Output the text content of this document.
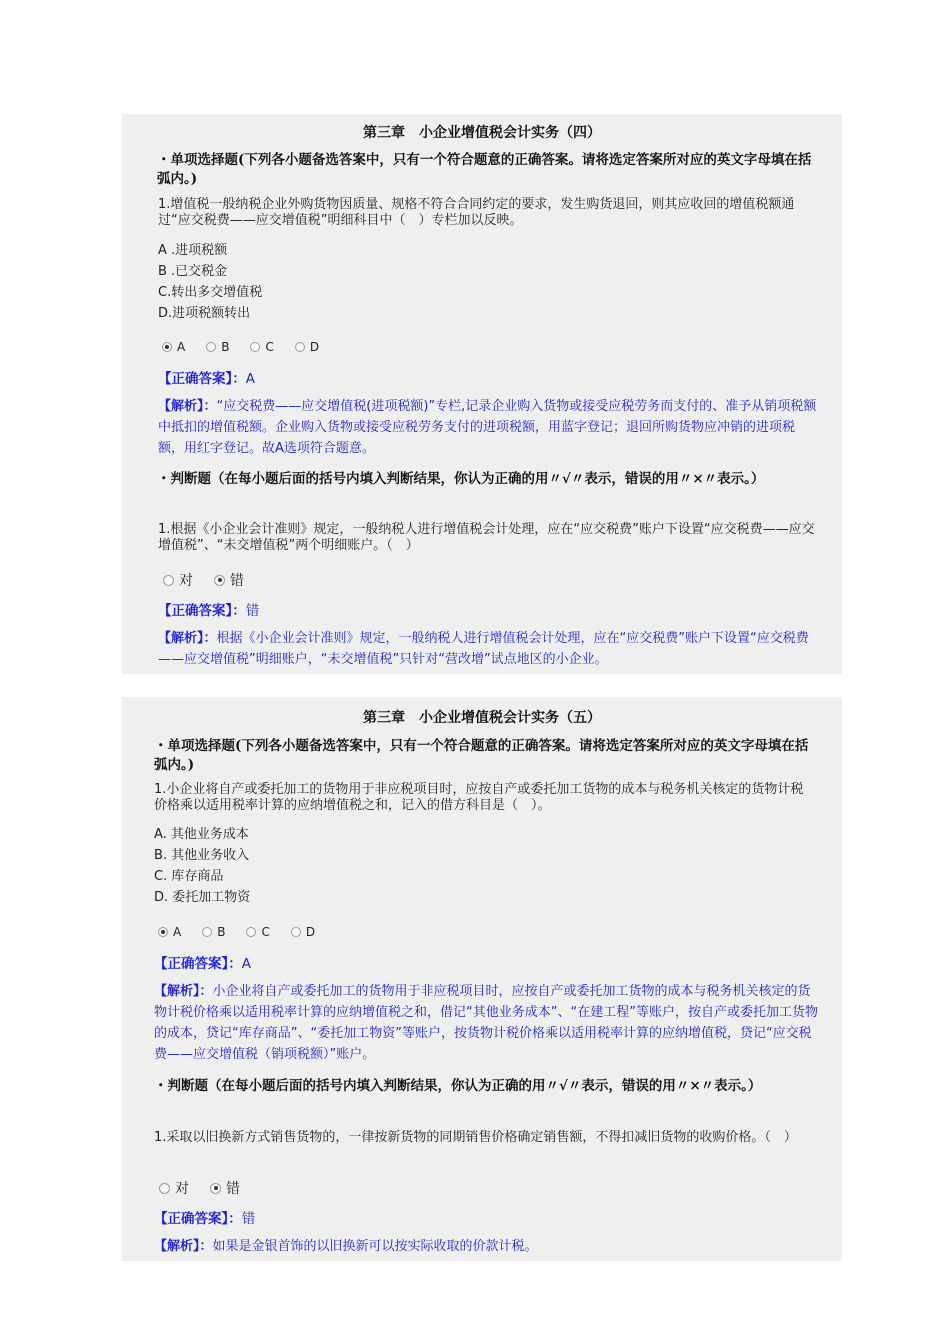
第三章　小企业增值税会计实务（四）
・单项选择题(下列各小题备选答案中，只有一个符合题意的正确答案。请将选定答案所对应的英文字母填在括弧内。)
1.增值税一般纳税企业外购货物因质量、规格不符合合同约定的要求，发生购货退回，则其应收回的增值税额通过“应交税费——应交增值税”明细科目中（　）专栏加以反映。
A .进项税额
B .已交税金
C.转出多交增值税
D.进项税额转出
A	B	C	D
【正确答案】：A
【解析】：“应交税费——应交增值税(进项税额)”专栏,记录企业购入货物或接受应税劳务而支付的、准予从销项税额中抵扣的增值税额。企业购入货物或接受应税劳务支付的进项税额，用蓝字登记；退回所购货物应冲销的进项税额，用红字登记。故A选项符合题意。
・判断题（在每小题后面的括号内填入判断结果，你认为正确的用〃√〃表示，错误的用〃×〃表示。）
1.根据《小企业会计准则》规定，一般纳税人进行增值税会计处理，应在“应交税费”账户下设置“应交税费——应交增值税”、“未交增值税”两个明细账户。（　）
对	错
【正确答案】：错
【解析】：根据《小企业会计准则》规定，一般纳税人进行增值税会计处理，应在“应交税费”账户下设置“应交税费——应交增值税”明细账户，“未交增值税”只针对“营改增”试点地区的小企业。
第三章　小企业增值税会计实务（五）
・单项选择题(下列各小题备选答案中，只有一个符合题意的正确答案。请将选定答案所对应的英文字母填在括弧内。)
1.小企业将自产或委托加工的货物用于非应税项目时，应按自产或委托加工货物的成本与税务机关核定的货物计税价格乘以适用税率计算的应纳增值税之和，记入的借方科目是（　）。
A. 其他业务成本
B. 其他业务收入
C. 库存商品
D. 委托加工物资
A	B	C	D
【正确答案】：A
【解析】：小企业将自产或委托加工的货物用于非应税项目时，应按自产或委托加工货物的成本与税务机关核定的货物计税价格乘以适用税率计算的应纳增值税之和，借记“其他业务成本”、“在建工程”等账户，按自产或委托加工货物的成本，贷记“库存商品”、“委托加工物资”等账户，按货物计税价格乘以适用税率计算的应纳增值税，贷记“应交税费——应交增值税（销项税额）”账户。
・判断题（在每小题后面的括号内填入判断结果，你认为正确的用〃√〃表示，错误的用〃×〃表示。）
1.采取以旧换新方式销售货物的，一律按新货物的同期销售价格确定销售额，不得扣减旧货物的收购价格。（　）
对	错
【正确答案】：错
【解析】：如果是金银首饰的以旧换新可以按实际收取的价款计税。
